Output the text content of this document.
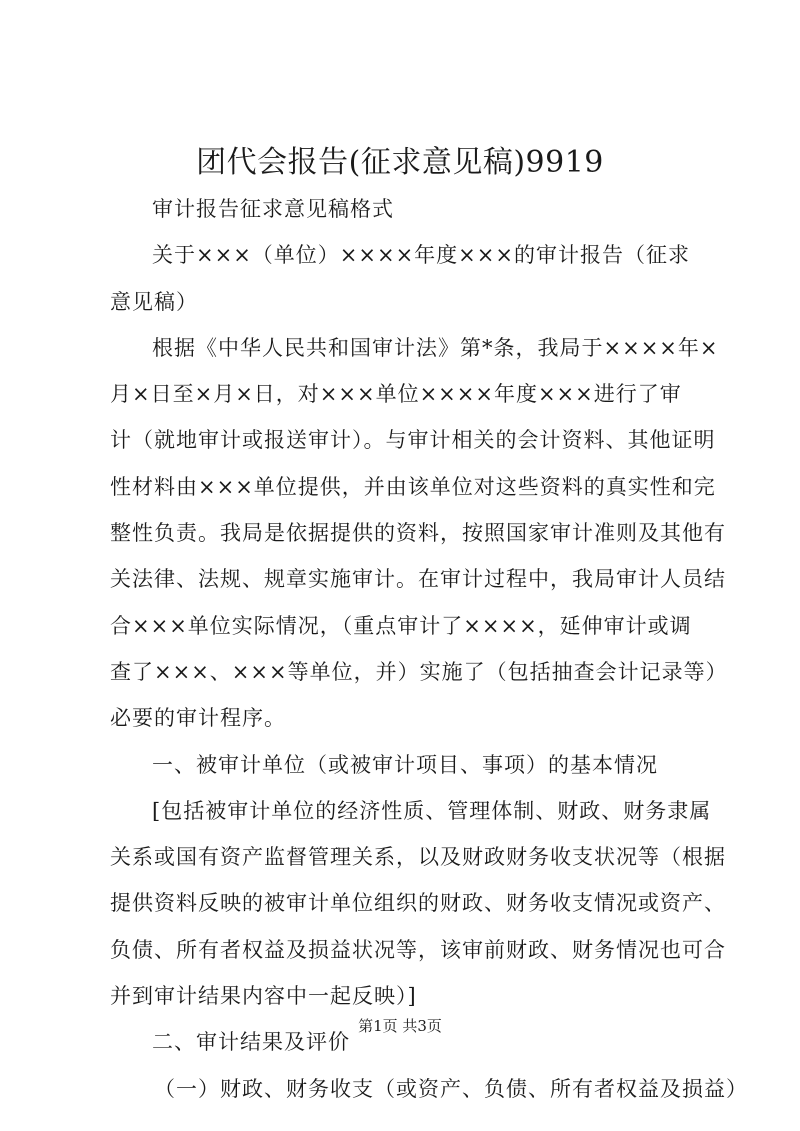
团代会报告(征求意见稿)9919
审计报告征求意见稿格式
关于×××（单位）××××年度×××的审计报告（征求
意见稿）
根据《中华人民共和国审计法》第*条，我局于××××年×
月×日至×月×日，对×××单位××××年度×××进行了审
计（就地审计或报送审计）。与审计相关的会计资料、其他证明
性材料由×××单位提供，并由该单位对这些资料的真实性和完
整性负责。我局是依据提供的资料，按照国家审计准则及其他有
关法律、法规、规章实施审计。在审计过程中，我局审计人员结
合×××单位实际情况，（重点审计了××××，延伸审计或调
查了×××、×××等单位，并）实施了（包括抽查会计记录等）
必要的审计程序。
一、被审计单位（或被审计项目、事项）的基本情况
[包括被审计单位的经济性质、管理体制、财政、财务隶属
关系或国有资产监督管理关系，以及财政财务收支状况等（根据
提供资料反映的被审计单位组织的财政、财务收支情况或资产、
负债、所有者权益及损益状况等，该审前财政、财务情况也可合
并到审计结果内容中一起反映）]
二、审计结果及评价
（一）财政、财务收支（或资产、负债、所有者权益及损益）
第1页 共3页
